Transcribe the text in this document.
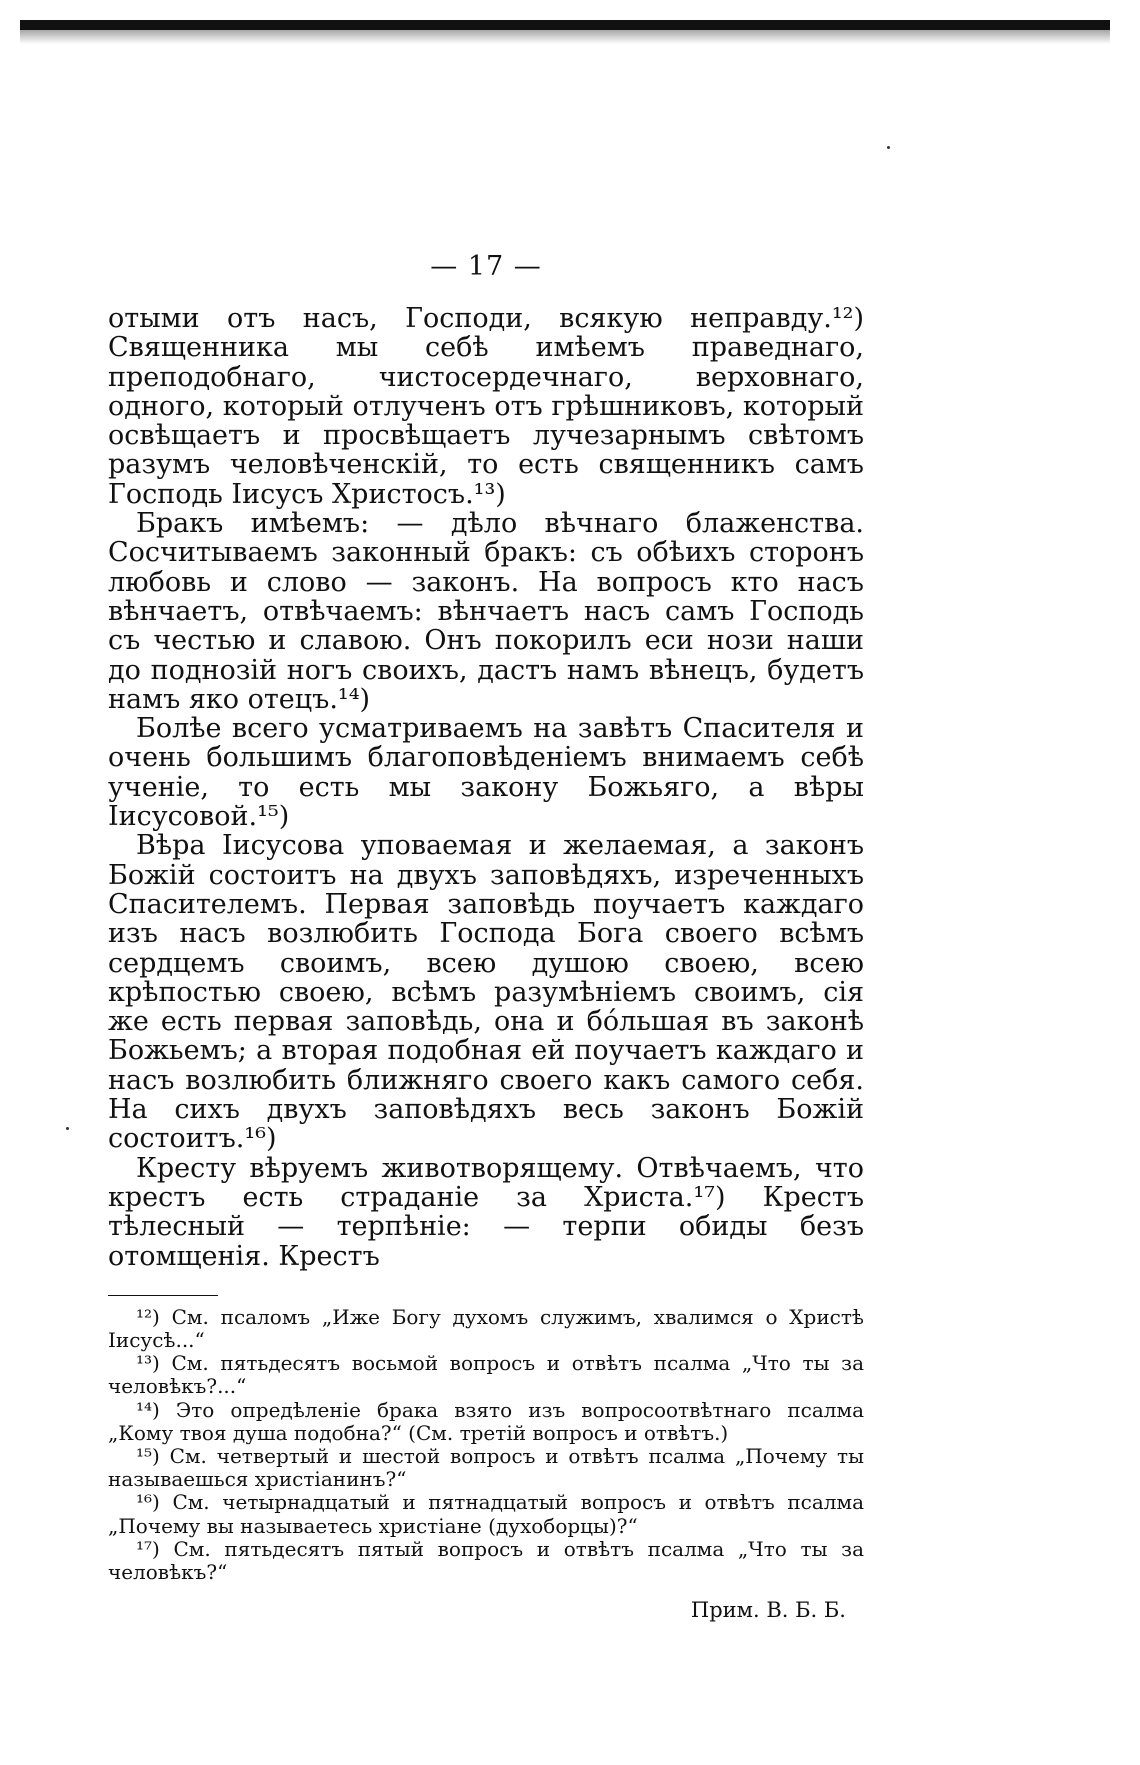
— 17 —

отыми отъ насъ, Господи, всякую неправду.¹²) Священника мы себѣ имѣемъ праведнаго, преподобнаго, чистосердечнаго, верховнаго, одного, который отлученъ отъ грѣшниковъ, который освѣщаетъ и просвѣщаетъ лучезарнымъ свѣтомъ разумъ человѣченскій, то есть священникъ самъ Господь Іисусъ Христосъ.¹³)

Бракъ имѣемъ: — дѣло вѣчнаго блаженства. Сосчитываемъ законный бракъ: съ обѣихъ сторонъ любовь и слово — законъ. На вопросъ кто насъ вѣнчаетъ, отвѣчаемъ: вѣнчаетъ насъ самъ Господь съ честью и славою. Онъ покорилъ еси нози наши до поднозій ногъ своихъ, дастъ намъ вѣнецъ, будетъ намъ яко отецъ.¹⁴)

Болѣе всего усматриваемъ на завѣтъ Спасителя и очень большимъ благоповѣденіемъ внимаемъ себѣ ученіе, то есть мы закону Божьяго, а вѣры Іисусовой.¹⁵)

Вѣра Іисусова уповаемая и желаемая, а законъ Божій состоитъ на двухъ заповѣдяхъ, изреченныхъ Спасителемъ. Первая заповѣдь поучаетъ каждаго изъ насъ возлюбить Господа Бога своего всѣмъ сердцемъ своимъ, всею душою своею, всею крѣпостью своею, всѣмъ разумѣніемъ своимъ, сія же есть первая заповѣдь, она и бóльшая въ законѣ Божьемъ; а вторая подобная ей поучаетъ каждаго и насъ возлюбить ближняго своего какъ самого себя. На сихъ двухъ заповѣдяхъ весь законъ Божій состоитъ.¹⁶)

Кресту вѣруемъ животворящему. Отвѣчаемъ, что крестъ есть страданіе за Христа.¹⁷) Крестъ тѣлесный — терпѣніе: — терпи обиды безъ отомщенія. Крестъ

¹²) См. псаломъ „Иже Богу духомъ служимъ, хвалимся о Христѣ Іисусѣ...“

¹³) См. пятьдесятъ восьмой вопросъ и отвѣтъ псалма „Что ты за человѣкъ?...“

¹⁴) Это опредѣленіе брака взято изъ вопросоотвѣтнаго псалма „Кому твоя душа подобна?“ (См. третій вопросъ и отвѣтъ.)

¹⁵) См. четвертый и шестой вопросъ и отвѣтъ псалма „Почему ты называешься христіанинъ?“

¹⁶) См. четырнадцатый и пятнадцатый вопросъ и отвѣтъ псалма „Почему вы называетесь христіане (духоборцы)?“

¹⁷) См. пятьдесятъ пятый вопросъ и отвѣтъ псалма „Что ты за человѣкъ?“

Прим. В. Б. Б.
